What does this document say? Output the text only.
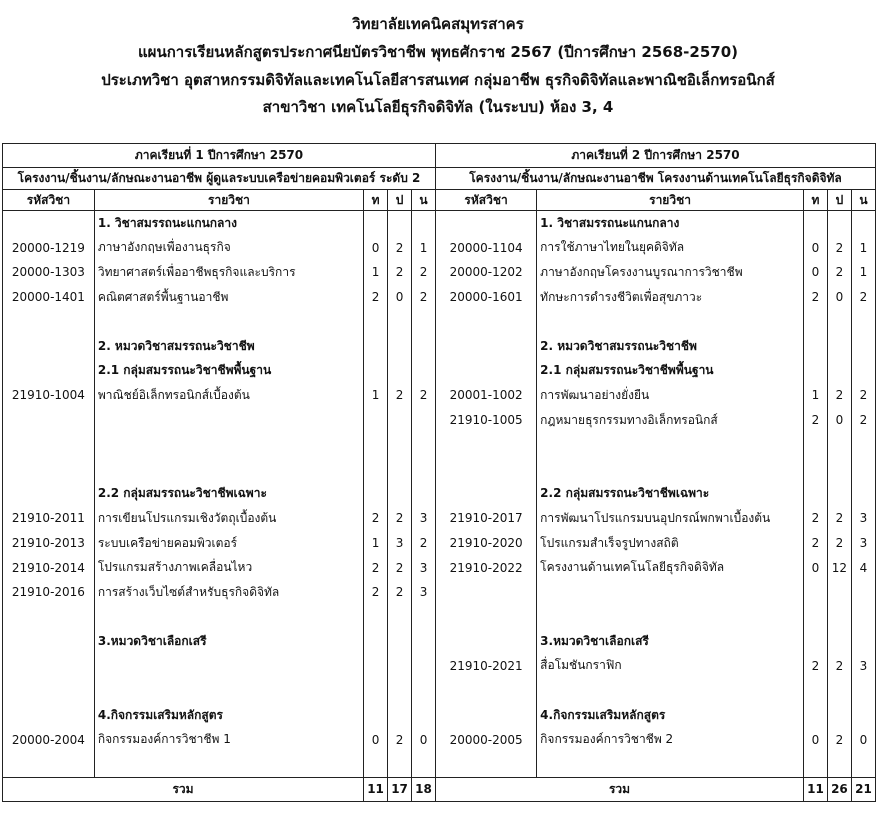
วิทยาลัยเทคนิคสมุทรสาคร
แผนการเรียนหลักสูตรประกาศนียบัตรวิชาชีพ พุทธศักราช 2567 (ปีการศึกษา 2568-2570)
ประเภทวิชา อุตสาหกรรมดิจิทัลและเทคโนโลยีสารสนเทศ กลุ่มอาชีพ ธุรกิจดิจิทัลและพาณิชอิเล็กทรอนิกส์
สาขาวิชา เทคโนโลยีธุรกิจดิจิทัล (ในระบบ) ห้อง 3, 4
ภาคเรียนที่ 1 ปีการศึกษา 2570					ภาคเรียนที่ 2 ปีการศึกษา 2570				
โครงงาน/ชิ้นงาน/ลักษณะงานอาชีพ ผู้ดูแลระบบเครือข่ายคอมพิวเตอร์ ระดับ 2					โครงงาน/ชิ้นงาน/ลักษณะงานอาชีพ โครงงานด้านเทคโนโลยีธุรกิจดิจิทัล				
รหัสวิชา	รายวิชา	ท	ป	น	รหัสวิชา	รายวิชา	ท	ป	น
	1. วิชาสมรรถนะแกนกลาง					1. วิชาสมรรถนะแกนกลาง			
20000-1219	ภาษาอังกฤษเพื่องานธุรกิจ	0	2	1	20000-1104	การใช้ภาษาไทยในยุคดิจิทัล	0	2	1
20000-1303	วิทยาศาสตร์เพื่ออาชีพธุรกิจและบริการ	1	2	2	20000-1202	ภาษาอังกฤษโครงงานบูรณาการวิชาชีพ	0	2	1
20000-1401	คณิตศาสตร์พื้นฐานอาชีพ	2	0	2	20000-1601	ทักษะการดำรงชีวิตเพื่อสุขภาวะ	2	0	2

	2. หมวดวิชาสมรรถนะวิชาชีพ					2. หมวดวิชาสมรรถนะวิชาชีพ			
	2.1 กลุ่มสมรรถนะวิชาชีพพื้นฐาน					2.1 กลุ่มสมรรถนะวิชาชีพพื้นฐาน			
21910-1004	พาณิชย์อิเล็กทรอนิกส์เบื้องต้น	1	2	2	20001-1002	การพัฒนาอย่างยั่งยืน	1	2	2
					21910-1005	กฎหมายธุรกรรมทางอิเล็กทรอนิกส์	2	0	2

	2.2 กลุ่มสมรรถนะวิชาชีพเฉพาะ					2.2 กลุ่มสมรรถนะวิชาชีพเฉพาะ			
21910-2011	การเขียนโปรแกรมเชิงวัตถุเบื้องต้น	2	2	3	21910-2017	การพัฒนาโปรแกรมบนอุปกรณ์พกพาเบื้องต้น	2	2	3
21910-2013	ระบบเครือข่ายคอมพิวเตอร์	1	3	2	21910-2020	โปรแกรมสำเร็จรูปทางสถิติ	2	2	3
21910-2014	โปรแกรมสร้างภาพเคลื่อนไหว	2	2	3	21910-2022	โครงงานด้านเทคโนโลยีธุรกิจดิจิทัล	0	12	4
21910-2016	การสร้างเว็บไซต์สำหรับธุรกิจดิจิทัล	2	2	3					

	3.หมวดวิชาเลือกเสรี					3.หมวดวิชาเลือกเสรี			
					21910-2021	สื่อโมชันกราฟิก	2	2	3

	4.กิจกรรมเสริมหลักสูตร					4.กิจกรรมเสริมหลักสูตร			
20000-2004	กิจกรรมองค์การวิชาชีพ 1	0	2	0	20000-2005	กิจกรรมองค์การวิชาชีพ 2	0	2	0

รวม		11	17	18	รวม		11	26	21
